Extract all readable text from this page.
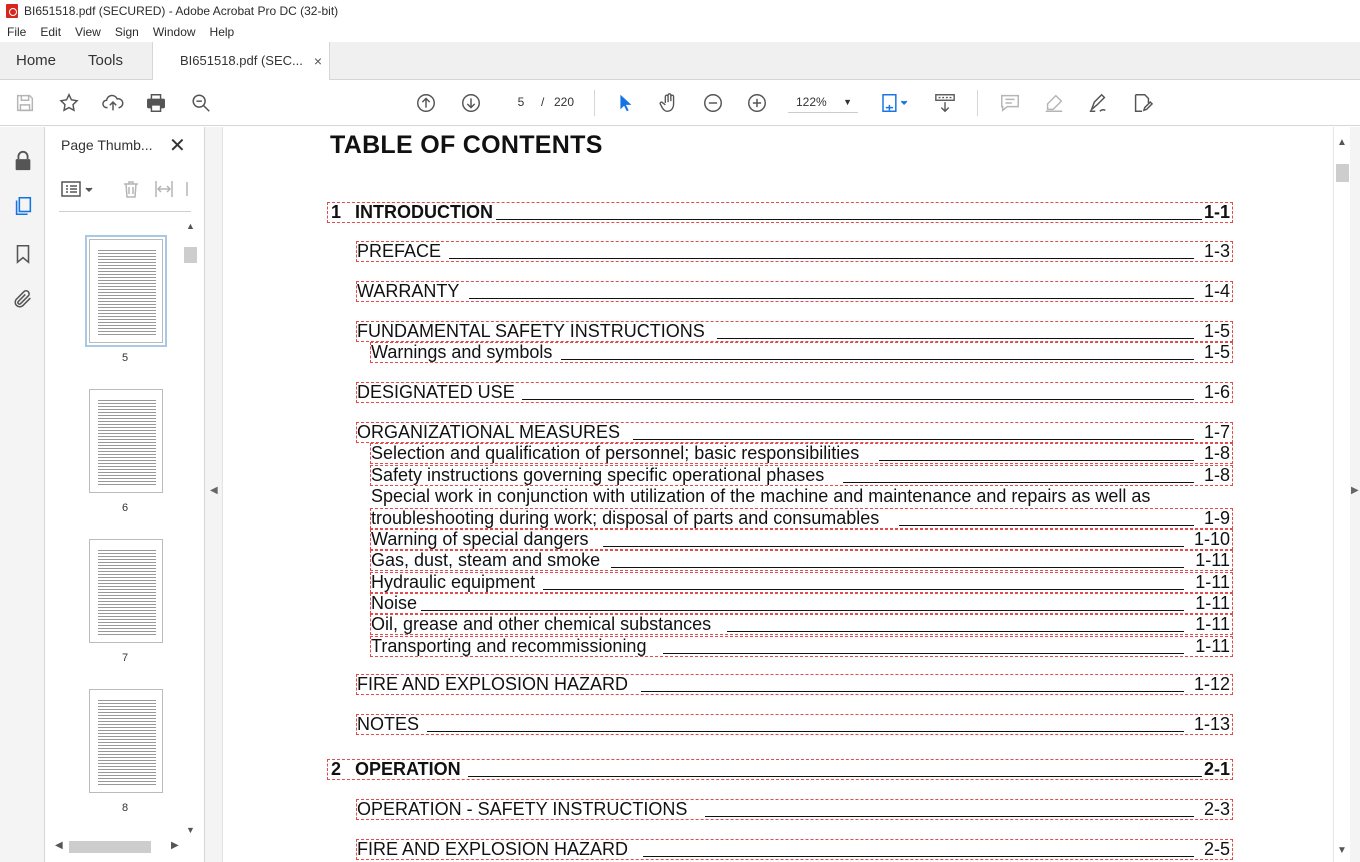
BI651518.pdf (SECURED) - Adobe Acrobat Pro DC (32-bit)
File Edit View Sign Window Help
Home Tools	BI651518.pdf (SEC... ×
5	/ 220	122% ▼
Page Thumb... ✕
5
6
7
8
▲
▼
◀	▶
◀
TABLE OF CONTENTS
1 INTRODUCTION	1-1
PREFACE	1-3
WARRANTY	1-4
FUNDAMENTAL SAFETY INSTRUCTIONS	1-5
Warnings and symbols	1-5
DESIGNATED USE	1-6
ORGANIZATIONAL MEASURES	1-7
Selection and qualification of personnel; basic responsibilities	1-8
Safety instructions governing specific operational phases	1-8
Special work in conjunction with utilization of the machine and maintenance and repairs as well as
troubleshooting during work; disposal of parts and consumables	1-9
Warning of special dangers	1-10
Gas, dust, steam and smoke	1-11
Hydraulic equipment	1-11
Noise	1-11
Oil, grease and other chemical substances	1-11
Transporting and recommissioning	1-11
FIRE AND EXPLOSION HAZARD	1-12
NOTES	1-13
2 OPERATION	2-1
OPERATION - SAFETY INSTRUCTIONS	2-3
FIRE AND EXPLOSION HAZARD	2-5
▲
▼
▶
